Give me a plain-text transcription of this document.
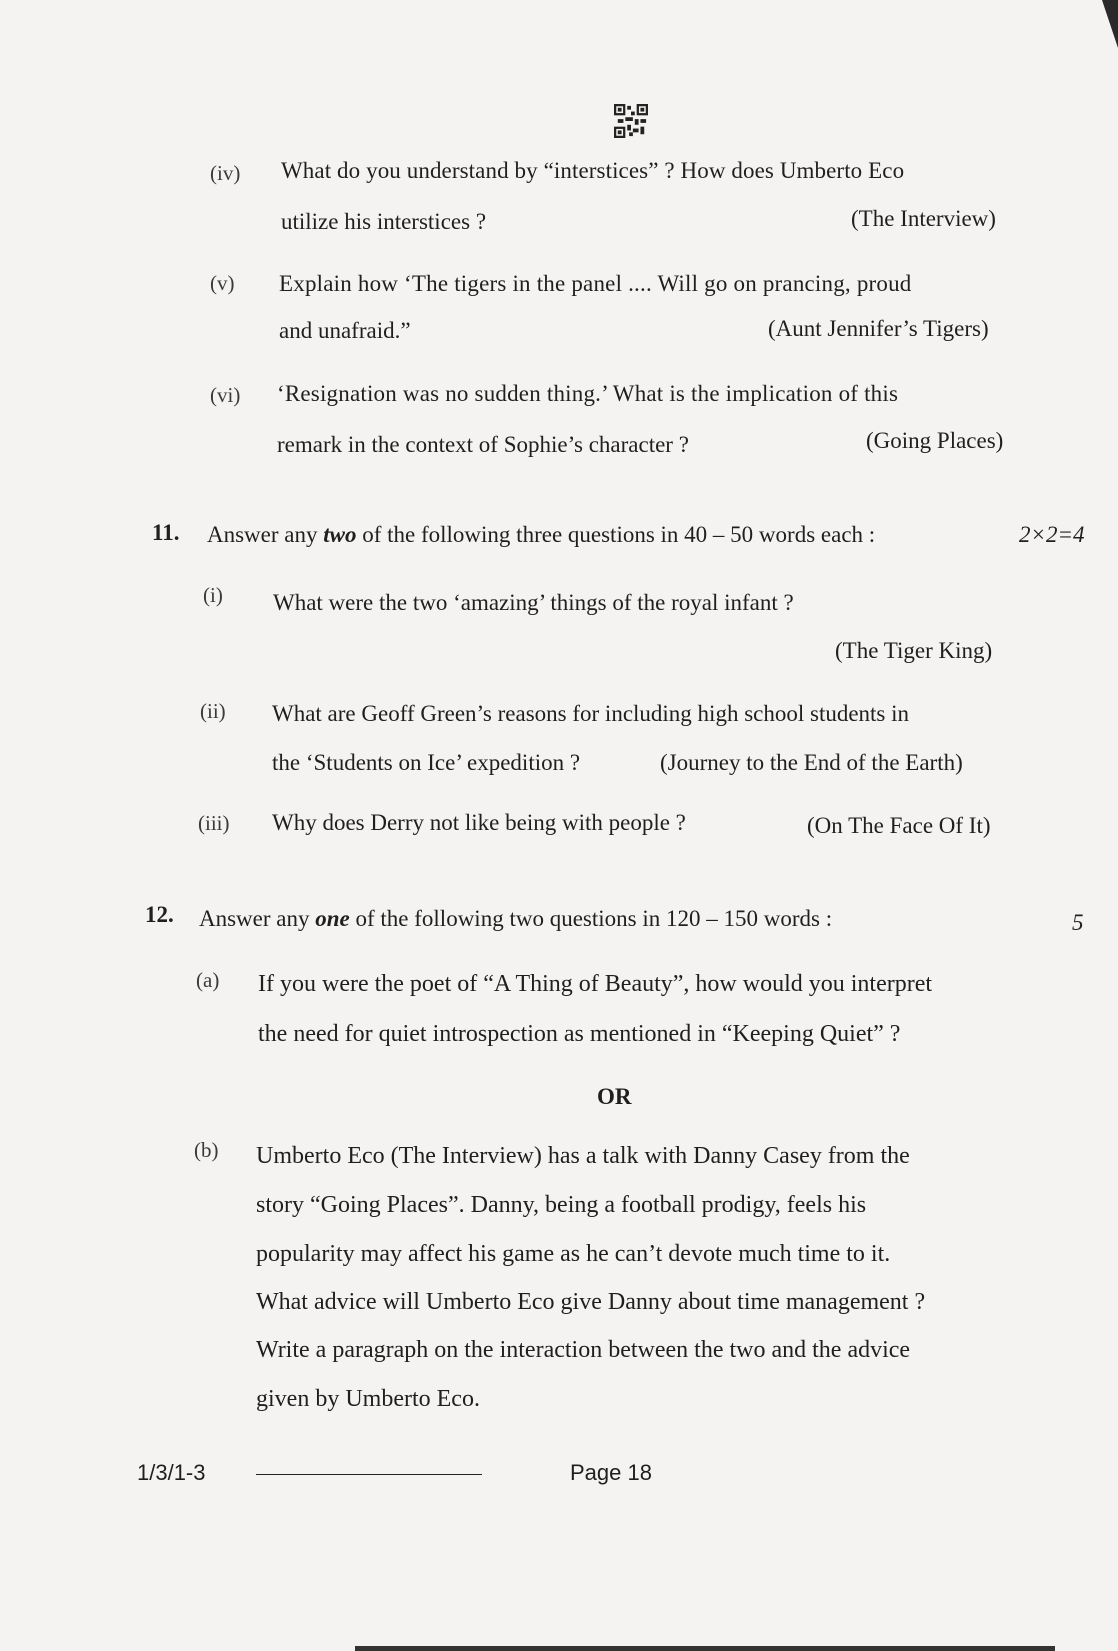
(iv) What do you understand by “interstices” ? How does Umberto Eco
utilize his interstices ?	(The Interview)
(v) Explain how ‘The tigers in the panel .... Will go on prancing, proud
and unafraid.”	(Aunt Jennifer’s Tigers)
(vi) ‘Resignation was no sudden thing.’ What is the implication of this
remark in the context of Sophie’s character ?	(Going Places)
11. Answer any two of the following three questions in 40 – 50 words each :	2×2=4
(i) What were the two ‘amazing’ things of the royal infant ?
(The Tiger King)
(ii) What are Geoff Green’s reasons for including high school students in
the ‘Students on Ice’ expedition ?	(Journey to the End of the Earth)
(iii) Why does Derry not like being with people ?	(On The Face Of It)
12. Answer any one of the following two questions in 120 – 150 words :	5
(a) If you were the poet of “A Thing of Beauty”, how would you interpret
the need for quiet introspection as mentioned in “Keeping Quiet” ?
OR
(b) Umberto Eco (The Interview) has a talk with Danny Casey from the
story “Going Places”. Danny, being a football prodigy, feels his
popularity may affect his game as he can’t devote much time to it.
What advice will Umberto Eco give Danny about time management ?
Write a paragraph on the interaction between the two and the advice
given by Umberto Eco.
1/3/1-3	Page 18
